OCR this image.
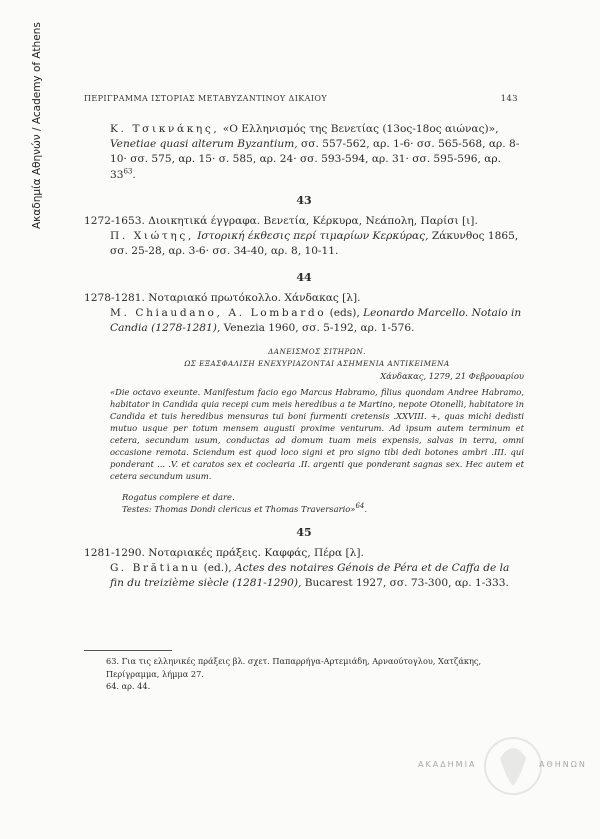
Ακαδημία Αθηνών / Academy of Athens	ΠΕΡΙΓΡΑΜΜΑ ΙΣΤΟΡΙΑΣ ΜΕΤΑΒΥΖΑΝΤΙΝΟΥ ΔΙΚΑΙΟΥ	143

Κ. Τσικνάκης, «Ο Ελληνισμός της Βενετίας (13ος-18ος αιώνας)», Venetiae quasi alterum Byzantium, σσ. 557-562, αρ. 1-6· σσ. 565-568, αρ. 8-10· σσ. 575, αρ. 15· σ. 585, αρ. 24· σσ. 593-594, αρ. 31· σσ. 595-596, αρ. $33^{63}$.

43

1272-1653. Διοικητικά έγγραφα. Βενετία, Κέρκυρα, Νεάπολη, Παρίσι [ι].

Π. Χιώτης, Ιστορική έκθεσις περί τιμαρίων Κερκύρας, Ζάκυνθος 1865, σσ. 25-28, αρ. 3-6· σσ. 34-40, αρ. 8, 10-11.

44

1278-1281. Νοταριακό πρωτόκολλο. Χάνδακας [λ].

M. Chiaudano, A. Lombardo (eds), Leonardo Marcello. Notaio in Candia (1278-1281), Venezia 1960, σσ. 5-192, αρ. 1-576.

ΔΑΝΕΙΣΜΟΣ ΣΙΤΗΡΩΝ.

ΩΣ ΕΞΑΣΦΑΛΙΣΗ ΕΝΕΧΥΡΙΑΖΟΝΤΑΙ ΑΣΗΜΕΝΙΑ ΑΝΤΙΚΕΙΜΕΝΑ

Χάνδακας, 1279, 21 Φεβρουαρίου

«Die octavo exeunte. Manifestum facio ego Marcus Habramo, filius quondam Andree Habramo, habitator in Candida quia recepi cum meis heredibus a te Martino, nepote Otonelli, habitatore in Candida et tuis heredibus mensuras tui boni furmenti cretensis .XXVIII. +, quas michi dedisti mutuo usque per totum mensem augusti proxime venturum. Ad ipsum autem terminum et cetera, secundum usum, conductas ad domum tuam meis expensis, salvas in terra, omni occasione remota. Sciendum est quod loco signi et pro signo tibi dedi botones ambri .III. qui ponderant ... .V. et caratos sex et coclearia .II. argenti que ponderant sagnas sex. Hec autem et cetera secundum usum.

Rogatus complere et dare.

Testes: Thomas Dondi clericus et Thomas Traversario»$^{64}$.

45

1281-1290. Νοταριακές πράξεις. Καφφάς, Πέρα [λ].

G. Brătianu (ed.), Actes des notaires Génois de Péra et de Caffa de la fin du treizième siècle (1281-1290), Bucarest 1927, σσ. 73-300, αρ. 1-333.

63. Για τις ελληνικές πράξεις βλ. σχετ. Παπαρρήγα-Αρτεμιάδη, Αρναούτογλου, Χατζάκης, Περίγραμμα, λήμμα 27.

64. αρ. 44.

ΑΚΑΔΗΜΙΑ	ΑΘΗΝΩΝ
